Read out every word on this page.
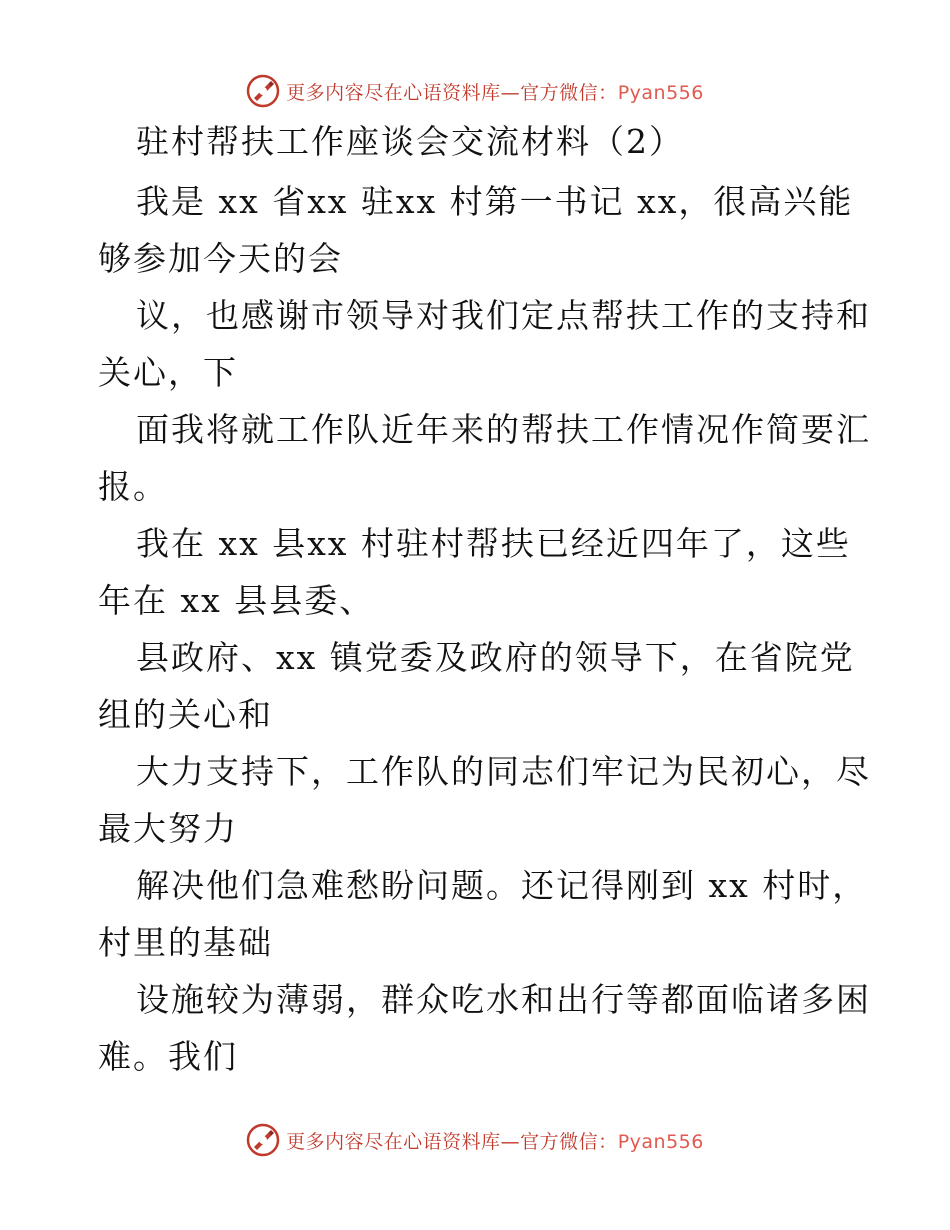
更多内容尽在心语资料库—官方微信：Pyan556
驻村帮扶工作座谈会交流材料（2）
我是 xx 省xx 驻xx 村第一书记 xx，很高兴能
够参加今天的会
议，也感谢市领导对我们定点帮扶工作的支持和
关心，下
面我将就工作队近年来的帮扶工作情况作简要汇
报。
我在 xx 县xx 村驻村帮扶已经近四年了，这些
年在 xx 县县委、
县政府、xx 镇党委及政府的领导下，在省院党
组的关心和
大力支持下，工作队的同志们牢记为民初心，尽
最大努力
解决他们急难愁盼问题。还记得刚到 xx 村时，
村里的基础
设施较为薄弱，群众吃水和出行等都面临诸多困
难。我们
更多内容尽在心语资料库—官方微信：Pyan556
